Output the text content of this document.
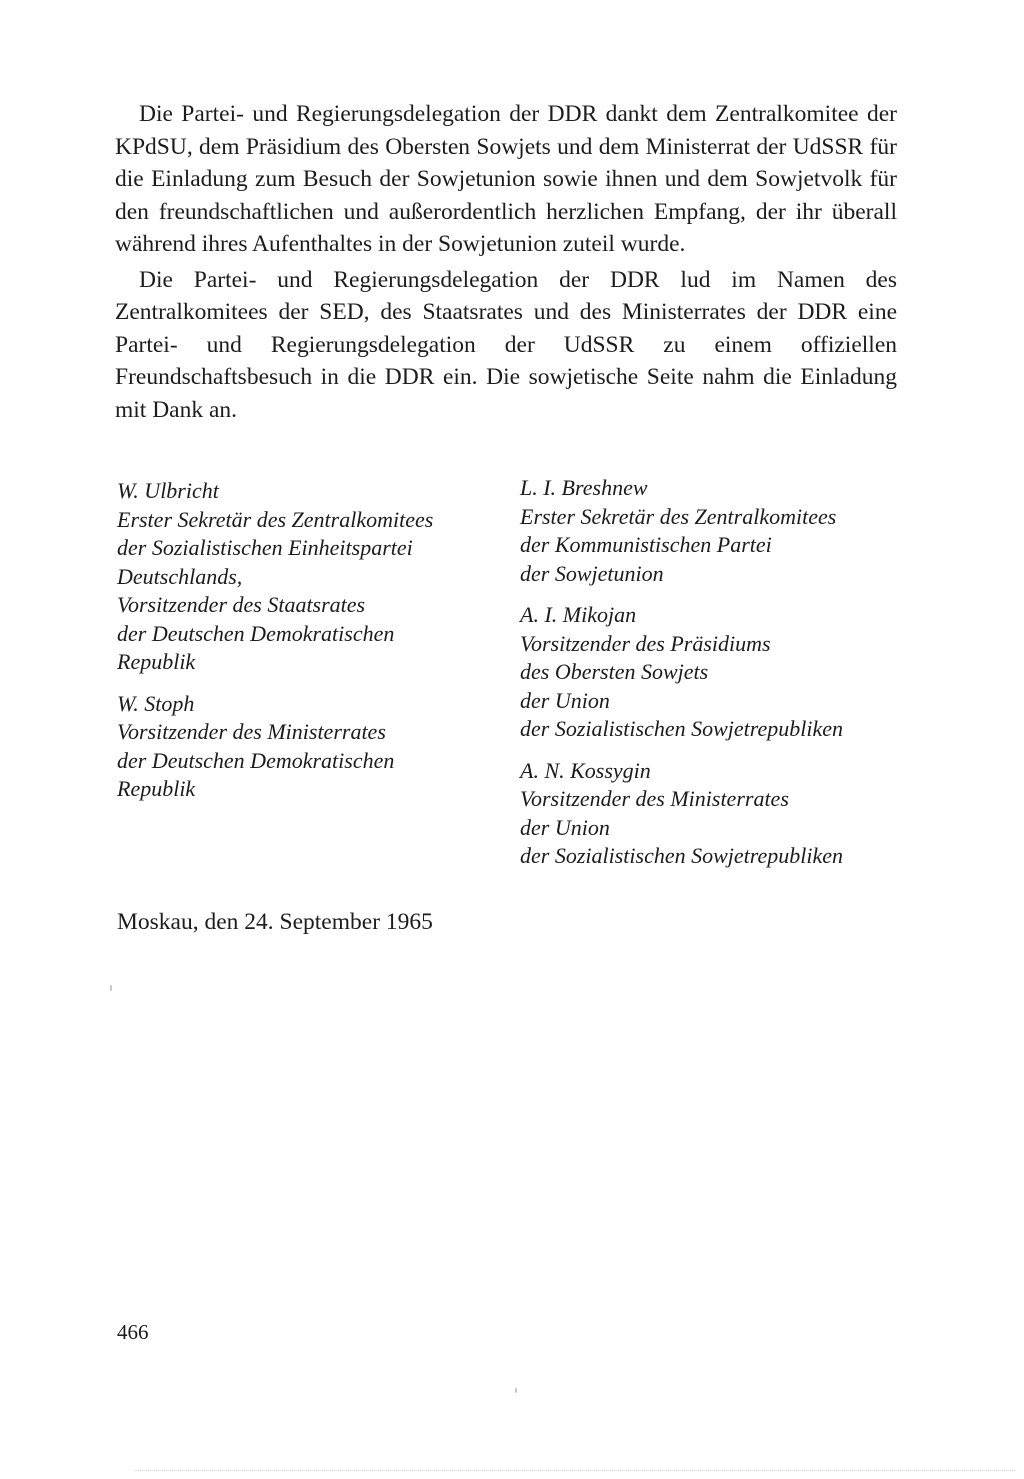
Die Partei- und Regierungsdelegation der DDR dankt dem Zentralkomitee der KPdSU, dem Präsidium des Obersten Sowjets und dem Ministerrat der UdSSR für die Einladung zum Besuch der Sowjetunion sowie ihnen und dem Sowjetvolk für den freundschaftlichen und außerordentlich herzlichen Empfang, der ihr überall während ihres Aufenthaltes in der Sowjetunion zuteil wurde.

Die Partei- und Regierungsdelegation der DDR lud im Namen des Zentralkomitees der SED, des Staatsrates und des Ministerrates der DDR eine Partei- und Regierungsdelegation der UdSSR zu einem offiziellen Freundschaftsbesuch in die DDR ein. Die sowjetische Seite nahm die Einladung mit Dank an.

W. Ulbricht
Erster Sekretär des Zentralkomitees
der Sozialistischen Einheitspartei
Deutschlands,
Vorsitzender des Staatsrates
der Deutschen Demokratischen
Republik
W. Stoph
Vorsitzender des Ministerrates
der Deutschen Demokratischen
Republik
L. I. Breshnew
Erster Sekretär des Zentralkomitees
der Kommunistischen Partei
der Sowjetunion
A. I. Mikojan
Vorsitzender des Präsidiums
des Obersten Sowjets
der Union
der Sozialistischen Sowjetrepubliken
A. N. Kossygin
Vorsitzender des Ministerrates
der Union
der Sozialistischen Sowjetrepubliken
Moskau, den 24. September 1965
466
